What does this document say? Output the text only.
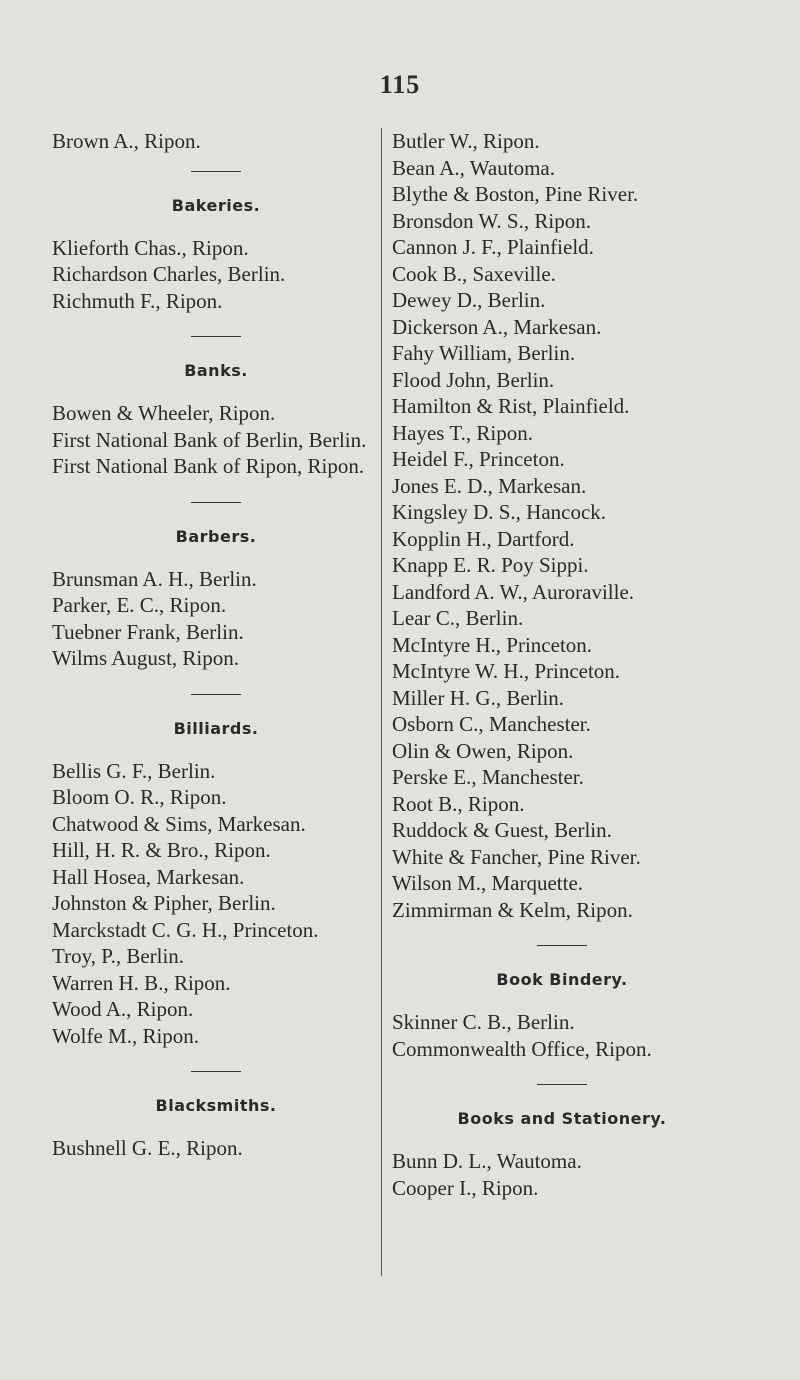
115
Brown A., Ripon.
Bakeries.
Klieforth Chas., Ripon.
Richardson Charles, Berlin.
Richmuth F., Ripon.
Banks.
Bowen & Wheeler, Ripon.
First National Bank of Berlin, Berlin.
First National Bank of Ripon, Ripon.
Barbers.
Brunsman A. H., Berlin.
Parker, E. C., Ripon.
Tuebner Frank, Berlin.
Wilms August, Ripon.
Billiards.
Bellis G. F., Berlin.
Bloom O. R., Ripon.
Chatwood & Sims, Markesan.
Hill, H. R. & Bro., Ripon.
Hall Hosea, Markesan.
Johnston & Pipher, Berlin.
Marckstadt C. G. H., Princeton.
Troy, P., Berlin.
Warren H. B., Ripon.
Wood A., Ripon.
Wolfe M., Ripon.
Blacksmiths.
Bushnell G. E., Ripon.
Butler W., Ripon.
Bean A., Wautoma.
Blythe & Boston, Pine River.
Bronsdon W. S., Ripon.
Cannon J. F., Plainfield.
Cook B., Saxeville.
Dewey D., Berlin.
Dickerson A., Markesan.
Fahy William, Berlin.
Flood John, Berlin.
Hamilton & Rist, Plainfield.
Hayes T., Ripon.
Heidel F., Princeton.
Jones E. D., Markesan.
Kingsley D. S., Hancock.
Kopplin H., Dartford.
Knapp E. R. Poy Sippi.
Landford A. W., Auroraville.
Lear C., Berlin.
McIntyre H., Princeton.
McIntyre W. H., Princeton.
Miller H. G., Berlin.
Osborn C., Manchester.
Olin & Owen, Ripon.
Perske E., Manchester.
Root B., Ripon.
Ruddock & Guest, Berlin.
White & Fancher, Pine River.
Wilson M., Marquette.
Zimmirman & Kelm, Ripon.
Book Bindery.
Skinner C. B., Berlin.
Commonwealth Office, Ripon.
Books and Stationery.
Bunn D. L., Wautoma.
Cooper I., Ripon.
